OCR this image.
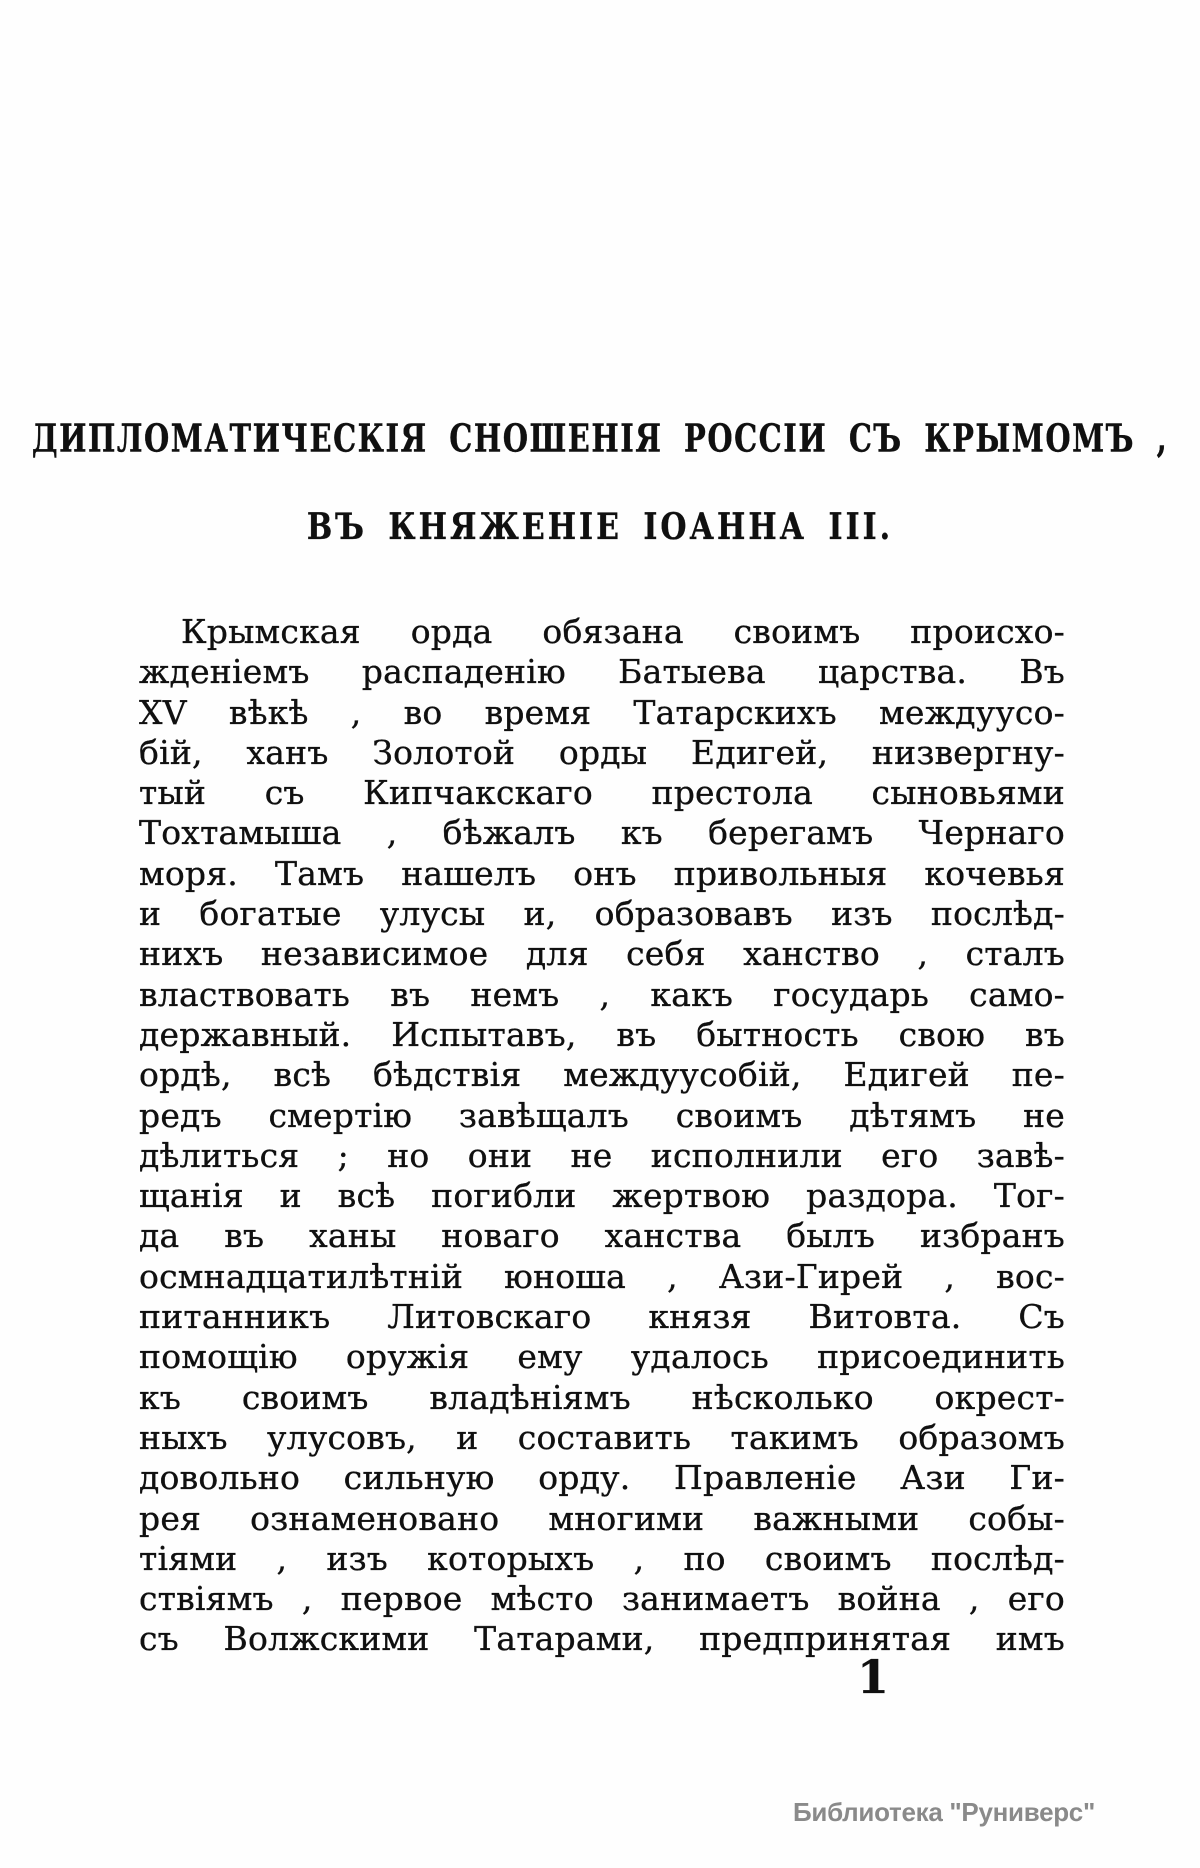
ДИПЛОМАТИЧЕСКІЯ СНОШЕНІЯ РОССІИ СЪ КРЫМОМЪ ,
ВЪ КНЯЖЕНІЕ ІОАННА III.
Крымская орда обязана своимъ происхо-
жденіемъ распаденію Батыева царства. Въ
XV вѣкѣ , во время Татарскихъ междуусо-
бій, ханъ Золотой орды Едигей, низвергну-
тый съ Кипчакскаго престола сыновьями
Тохтамыша , бѣжалъ къ берегамъ Чернаго
моря. Тамъ нашелъ онъ привольныя кочевья
и богатые улусы и, образовавъ изъ послѣд-
нихъ независимое для себя ханство , сталъ
властвовать въ немъ , какъ государь само-
державный. Испытавъ, въ бытность свою въ
ордѣ, всѣ бѣдствія междуусобій, Едигей пе-
редъ смертію завѣщалъ своимъ дѣтямъ не
дѣлиться ; но они не исполнили его завѣ-
щанія и всѣ погибли жертвою раздора. Тог-
да въ ханы новаго ханства былъ избранъ
осмнадцатилѣтній юноша , Ази-Гирей , вос-
питанникъ Литовскаго князя Витовта. Съ
помощію оружія ему удалось присоединить
къ своимъ владѣніямъ нѣсколько окрест-
ныхъ улусовъ, и составить такимъ образомъ
довольно сильную орду. Правленіе Ази Ги-
рея ознаменовано многими важными собы-
тіями , изъ которыхъ , по своимъ послѣд-
ствіямъ , первое мѣсто занимаетъ война , его
съ Волжскими Татарами, предпринятая имъ
1
Библиотека "Руниверс"
